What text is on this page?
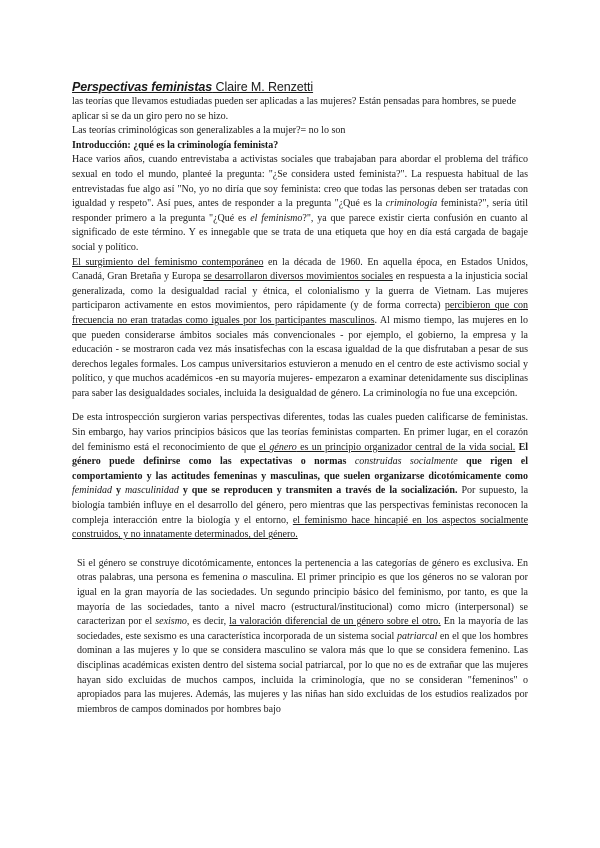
Perspectivas feministas Claire M. Renzetti

las teorías que llevamos estudiadas pueden ser aplicadas a las mujeres? Están pensadas para hombres, se puede aplicar si se da un giro pero no se hizo.

Las teorías criminológicas son generalizables a la mujer?= no lo son

Introducción: ¿qué es la criminología feminista?

Hace varios años, cuando entrevistaba a activistas sociales que trabajaban para abordar el problema del tráfico sexual en todo el mundo, planteé la pregunta: "¿Se considera usted feminista?". La respuesta habitual de las entrevistadas fue algo así "No, yo no diría que soy feminista: creo que todas las personas deben ser tratadas con igualdad y respeto". Así pues, antes de responder a la pregunta "¿Qué es la criminología feminista?", sería útil responder primero a la pregunta "¿Qué es el feminismo?", ya que parece existir cierta confusión en cuanto al significado de este término. Y es innegable que se trata de una etiqueta que hoy en día está cargada de bagaje social y político.

El surgimiento del feminismo contemporáneo en la década de 1960. En aquella época, en Estados Unidos, Canadá, Gran Bretaña y Europa se desarrollaron diversos movimientos sociales en respuesta a la injusticia social generalizada, como la desigualdad racial y étnica, el colonialismo y la guerra de Vietnam. Las mujeres participaron activamente en estos movimientos, pero rápidamente (y de forma correcta) percibieron que con frecuencia no eran tratadas como iguales por los participantes masculinos. Al mismo tiempo, las mujeres en lo que pueden considerarse ámbitos sociales más convencionales - por ejemplo, el gobierno, la empresa y la educación - se mostraron cada vez más insatisfechas con la escasa igualdad de la que disfrutaban a pesar de sus derechos legales formales. Los campus universitarios estuvieron a menudo en el centro de este activismo social y político, y que muchos académicos -en su mayoría mujeres- empezaron a examinar detenidamente sus disciplinas para saber las desigualdades sociales, incluida la desigualdad de género. La criminología no fue una excepción.

De esta introspección surgieron varias perspectivas diferentes, todas las cuales pueden calificarse de feministas. Sin embargo, hay varios principios básicos que las teorías feministas comparten. En primer lugar, en el corazón del feminismo está el reconocimiento de que el género es un principio organizador central de la vida social. El género puede definirse como las expectativas o normas construidas socialmente que rigen el comportamiento y las actitudes femeninas y masculinas, que suelen organizarse dicotómicamente como feminidad y masculinidad y que se reproducen y transmiten a través de la socialización. Por supuesto, la biología también influye en el desarrollo del género, pero mientras que las perspectivas feministas reconocen la compleja interacción entre la biología y el entorno, el feminismo hace hincapié en los aspectos socialmente construidos, y no innatamente determinados, del género.

Si el género se construye dicotómicamente, entonces la pertenencia a las categorías de género es exclusiva. En otras palabras, una persona es femenina o masculina. El primer principio es que los géneros no se valoran por igual en la gran mayoría de las sociedades. Un segundo principio básico del feminismo, por tanto, es que la mayoría de las sociedades, tanto a nivel macro (estructural/institucional) como micro (interpersonal) se caracterizan por el sexismo, es decir, la valoración diferencial de un género sobre el otro. En la mayoría de las sociedades, este sexismo es una característica incorporada de un sistema social patriarcal en el que los hombres dominan a las mujeres y lo que se considera masculino se valora más que lo que se considera femenino. Las disciplinas académicas existen dentro del sistema social patriarcal, por lo que no es de extrañar que las mujeres hayan sido excluidas de muchos campos, incluida la criminología, que no se consideran "femeninos" o apropiados para las mujeres. Además, las mujeres y las niñas han sido excluidas de los estudios realizados por miembros de campos dominados por hombres bajo
